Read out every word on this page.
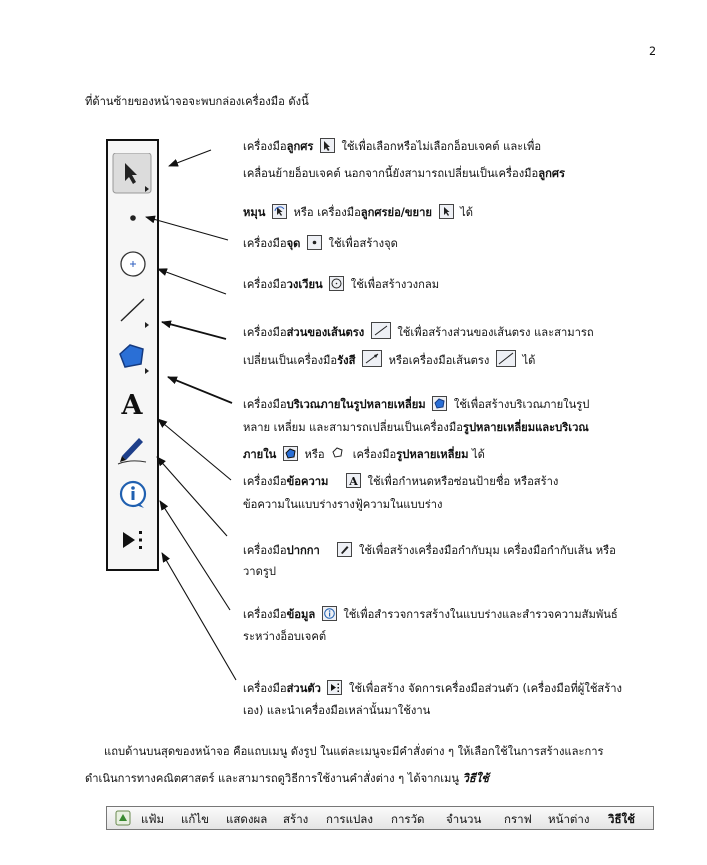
2
ที่ด้านซ้ายของหน้าจอจะพบกล่องเครื่องมือ ดังนี้
A
เครื่องมือลูกศร	ใช้เพื่อเลือกหรือไม่เลือกอ็อบเจคต์ และเพื่อ
เคลื่อนย้ายอ็อบเจคต์ นอกจากนี้ยังสามารถเปลี่ยนเป็นเครื่องมือลูกศร
หมุน	หรือ เครื่องมือลูกศรย่อ/ขยาย	ได้
เครื่องมือจุด	ใช้เพื่อสร้างจุด
เครื่องมือวงเวียน	ใช้เพื่อสร้างวงกลม
เครื่องมือส่วนของเส้นตรง	ใช้เพื่อสร้างส่วนของเส้นตรง และสามารถ
เปลี่ยนเป็นเครื่องมือรังสี	หรือเครื่องมือเส้นตรง	ได้
เครื่องมือบริเวณภายในรูปหลายเหลี่ยม	ใช้เพื่อสร้างบริเวณภายในรูป
หลาย เหลี่ยม และสามารถเปลี่ยนเป็นเครื่องมือรูปหลายเหลี่ยมและบริเวณ
ภายใน	หรือ	เครื่องมือรูปหลายเหลี่ยม ได้
เครื่องมือข้อความ A ใช้เพื่อกำหนดหรือซ่อนป้ายชื่อ หรือสร้าง
ข้อความในแบบร่างรางฟู้ความในแบบร่าง
เครื่องมือปากกา	ใช้เพื่อสร้างเครื่องมือกำกับมุม เครื่องมือกำกับเส้น หรือ
วาดรูป
เครื่องมือข้อมูล	ใช้เพื่อสำรวจการสร้างในแบบร่างและสำรวจความสัมพันธ์
ระหว่างอ็อบเจคต์
เครื่องมือส่วนตัว	ใช้เพื่อสร้าง จัดการเครื่องมือส่วนตัว (เครื่องมือที่ผู้ใช้สร้าง
เอง) และนำเครื่องมือเหล่านั้นมาใช้งาน
แถบด้านบนสุดของหน้าจอ คือแถบเมนู ดังรูป ในแต่ละเมนูจะมีคำสั่งต่าง ๆ ให้เลือกใช้ในการสร้างและการ
ดำเนินการทางคณิตศาสตร์ และสามารถดูวิธีการใช้งานคำสั่งต่าง ๆ ได้จากเมนู วิธีใช้
แฟ้ม แก้ไข แสดงผล สร้าง การแปลง การวัด จำนวน กราฟ หน้าต่าง วิธีใช้
